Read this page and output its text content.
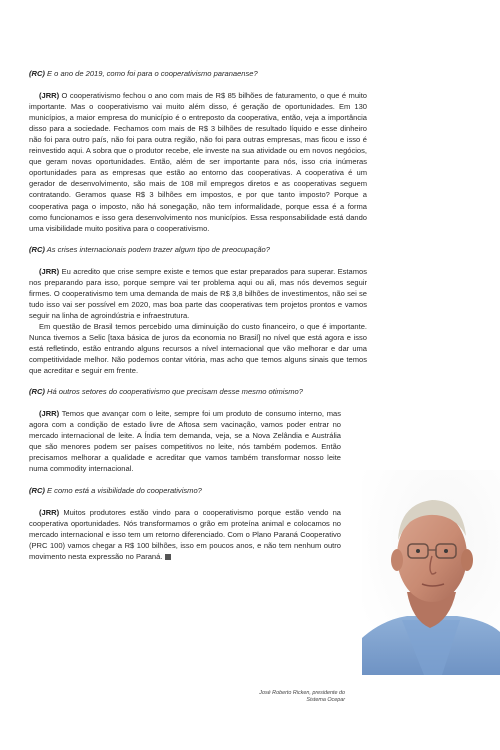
(RC) E o ano de 2019, como foi para o cooperativismo paranaense?

(JRR) O cooperativismo fechou o ano com mais de R$ 85 bilhões de faturamento, o que é muito importante. Mas o cooperativismo vai muito além disso, é geração de oportunidades. Em 130 municípios, a maior empresa do município é o entreposto da cooperativa, então, veja a importância disso para a sociedade. Fechamos com mais de R$ 3 bilhões de resultado líquido e esse dinheiro não foi para outro país, não foi para outra região, não foi para outras empresas, mas ficou e isso é reinvestido aqui. A sobra que o produtor recebe, ele investe na sua atividade ou em novos negócios, que geram novas oportunidades. Então, além de ser importante para nós, isso cria inúmeras oportunidades para as empresas que estão ao entorno das cooperativas. A cooperativa é um gerador de desenvolvimento, são mais de 108 mil empregos diretos e as cooperativas seguem contratando. Geramos quase R$ 3 bilhões em impostos, e por que tanto imposto? Porque a cooperativa paga o imposto, não há sonegação, não tem informalidade, porque essa é a forma como funcionamos e isso gera desenvolvimento nos municípios. Essa responsabilidade está dando uma visibilidade muito positiva para o cooperativismo.

(RC) As crises internacionais podem trazer algum tipo de preocupação?

(JRR) Eu acredito que crise sempre existe e temos que estar preparados para superar. Estamos nos preparando para isso, porque sempre vai ter problema aqui ou ali, mas nós devemos seguir firmes. O cooperativismo tem uma demanda de mais de R$ 3,8 bilhões de investimentos, não sei se tudo isso vai ser possível em 2020, mas boa parte das cooperativas tem projetos prontos e vamos seguir na linha de agroindústria e infraestrutura.

Em questão de Brasil temos percebido uma diminuição do custo financeiro, o que é importante. Nunca tivemos a Selic [taxa básica de juros da economia no Brasil] no nível que está agora e isso está refletindo, estão entrando alguns recursos a nível internacional que vão melhorar e dar uma competitividade melhor. Não podemos contar vitória, mas acho que temos alguns sinais que temos que acreditar e seguir em frente.

(RC) Há outros setores do cooperativismo que precisam desse mesmo otimismo?

(JRR) Temos que avançar com o leite, sempre foi um produto de consumo interno, mas agora com a condição de estado livre de Aftosa sem vacinação, vamos poder entrar no mercado internacional de leite. A Índia tem demanda, veja, se a Nova Zelândia e Austrália que são menores podem ser países competitivos no leite, nós também podemos. Então precisamos melhorar a qualidade e acreditar que vamos também transformar nosso leite numa commodity internacional.

(RC) E como está a visibilidade do cooperativismo?

(JRR) Muitos produtores estão vindo para o cooperativismo porque estão vendo na cooperativa oportunidades. Nós transformamos o grão em proteína animal e colocamos no mercado internacional e isso tem um retorno diferenciado. Com o Plano Paraná Cooperativo (PRC 100) vamos chegar a R$ 100 bilhões, isso em poucos anos, e não tem nenhum outro movimento nesta expressão no Paraná.

José Roberto Ricken, presidente do
Sistema Ocepar
